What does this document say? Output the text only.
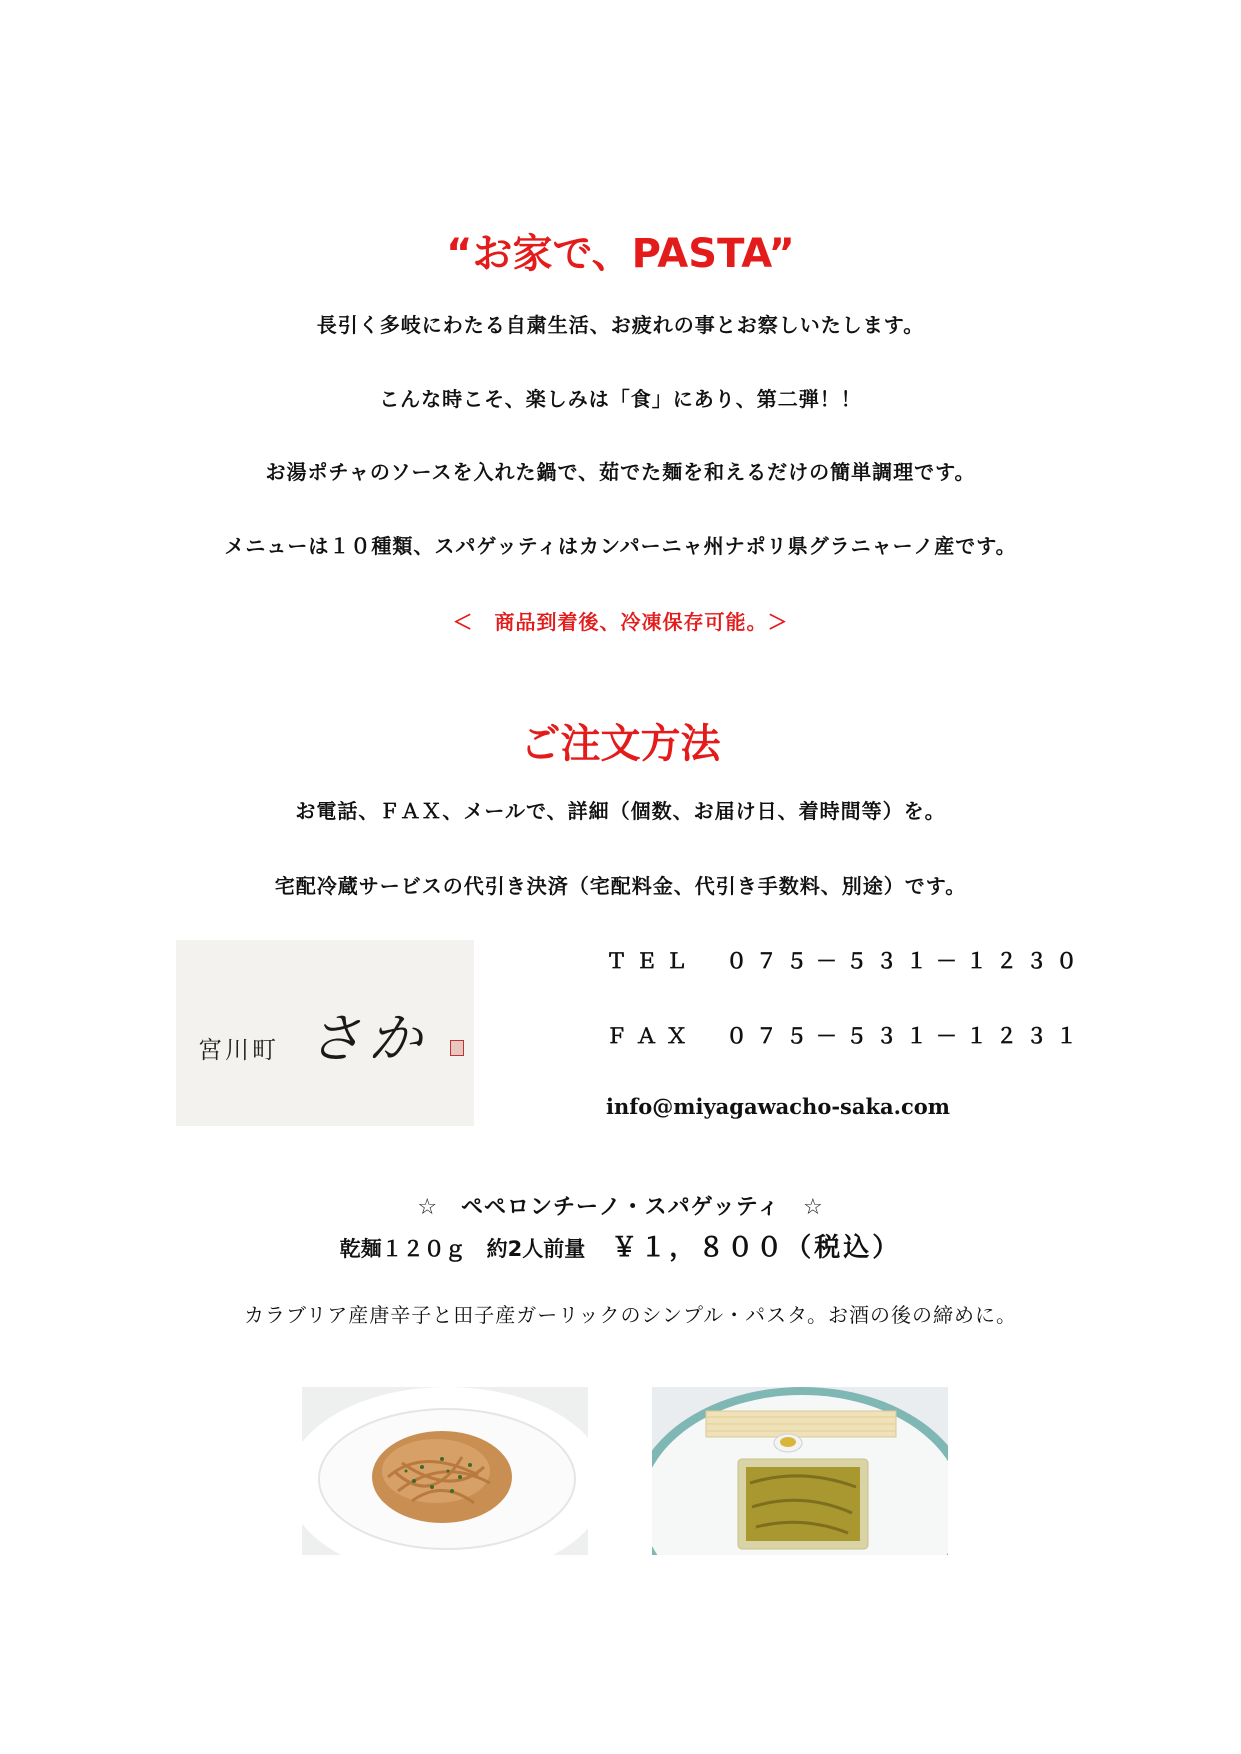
“お家で、PASTA”
長引く多岐にわたる自粛生活、お疲れの事とお察しいたします。
こんな時こそ、楽しみは「食」にあり、第二弾！！
お湯ポチャのソースを入れた鍋で、茹でた麺を和えるだけの簡単調理です。
メニューは１０種類、スパゲッティはカンパーニャ州ナポリ県グラニャーノ産です。
＜　商品到着後、冷凍保存可能。＞
ご注文方法
お電話、ＦＡＸ、メールで、詳細（個数、お届け日、着時間等）を。
宅配冷蔵サービスの代引き決済（宅配料金、代引き手数料、別途）です。
宮川町 さか
ＴＥＬ　０７５－５３１－１２３０
ＦＡＸ　０７５－５３１－１２３１
info@miyagawacho-saka.com
☆　ペペロンチーノ・スパゲッティ　☆
乾麺１２０ｇ　約2人前量 ￥１，８００（税込）
カラブリア産唐辛子と田子産ガーリックのシンプル・パスタ。お酒の後の締めに。
